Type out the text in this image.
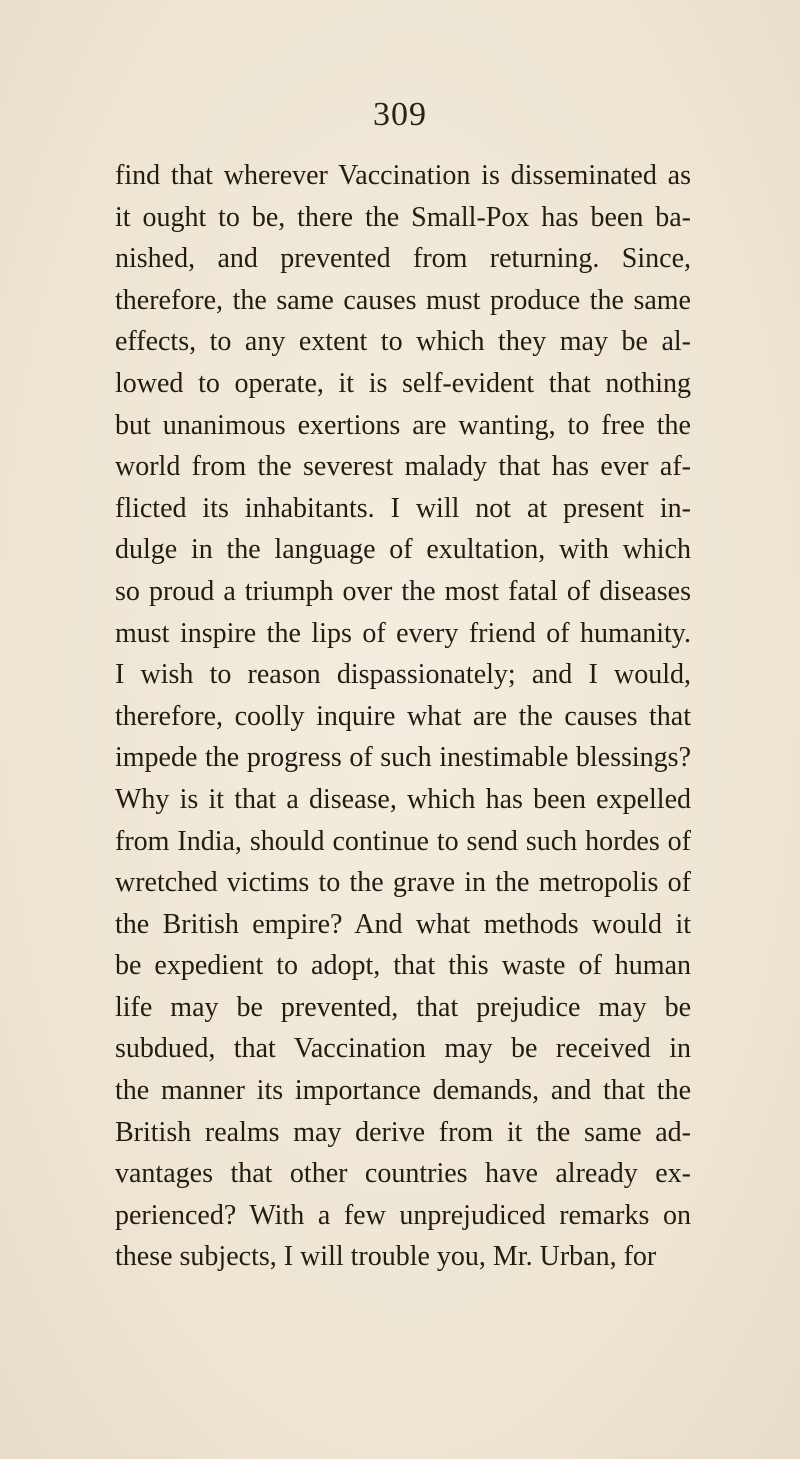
309
find that wherever Vaccination is disseminated as
it ought to be, there the Small-Pox has been ba-
nished, and prevented from returning. Since,
therefore, the same causes must produce the same
effects, to any extent to which they may be al-
lowed to operate, it is self-evident that nothing
but unanimous exertions are wanting, to free the
world from the severest malady that has ever af-
flicted its inhabitants. I will not at present in-
dulge in the language of exultation, with which
so proud a triumph over the most fatal of diseases
must inspire the lips of every friend of humanity.
I wish to reason dispassionately; and I would,
therefore, coolly inquire what are the causes that
impede the progress of such inestimable blessings?
Why is it that a disease, which has been expelled
from India, should continue to send such hordes of
wretched victims to the grave in the metropolis of
the British empire? And what methods would it
be expedient to adopt, that this waste of human
life may be prevented, that prejudice may be
subdued, that Vaccination may be received in
the manner its importance demands, and that the
British realms may derive from it the same ad-
vantages that other countries have already ex-
perienced? With a few unprejudiced remarks on
these subjects, I will trouble you, Mr. Urban, for
